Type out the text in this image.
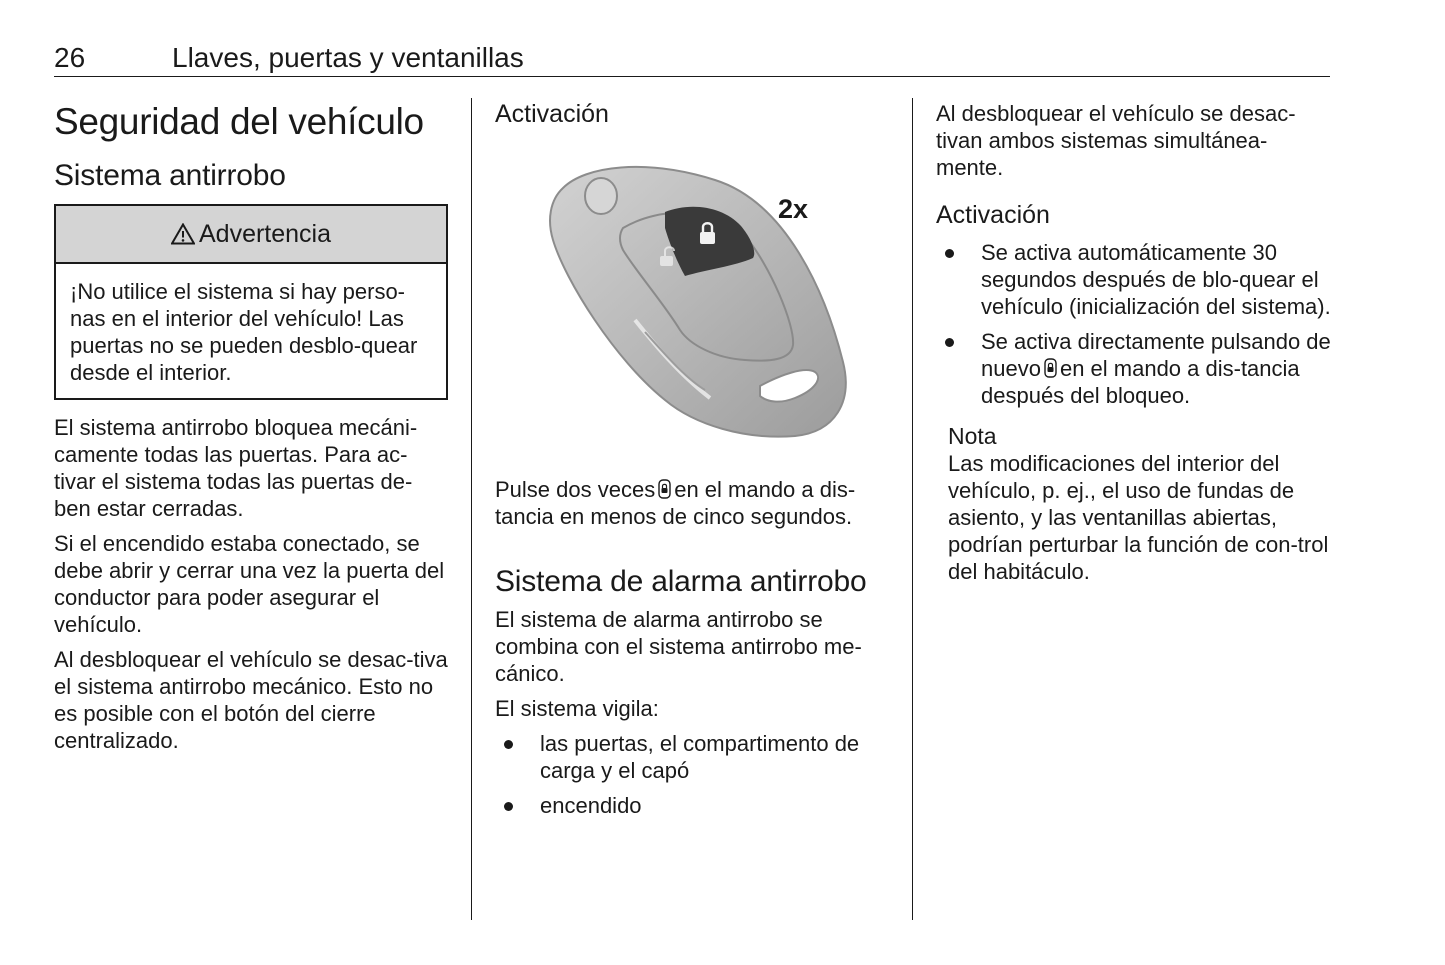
26	Llaves, puertas y ventanillas
Seguridad del vehículo
Sistema antirrobo
Advertencia

¡No utilice el sistema si hay perso-nas en el interior del vehículo! Las puertas no se pueden desblo-quear desde el interior.

El sistema antirrobo bloquea mecáni-camente todas las puertas. Para ac-tivar el sistema todas las puertas de-ben estar cerradas.

Si el encendido estaba conectado, se debe abrir y cerrar una vez la puerta del conductor para poder asegurar el vehículo.

Al desbloquear el vehículo se desac-tiva el sistema antirrobo mecánico. Esto no es posible con el botón del cierre centralizado.

Activación
2x

Pulse dos veces en el mando a dis-tancia en menos de cinco segundos.

Sistema de alarma antirrobo

El sistema de alarma antirrobo se combina con el sistema antirrobo me-cánico.

El sistema vigila:

las puertas, el compartimento de carga y el capó
encendido

Al desbloquear el vehículo se desac-tivan ambos sistemas simultánea-mente.

Activación
Se activa automáticamente 30 segundos después de blo-quear el vehículo (inicialización del sistema).
Se activa directamente pulsando de nuevo en el mando a dis-tancia después del bloqueo.
Nota
Las modificaciones del interior del vehículo, p. ej., el uso de fundas de asiento, y las ventanillas abiertas, podrían perturbar la función de con-trol del habitáculo.
